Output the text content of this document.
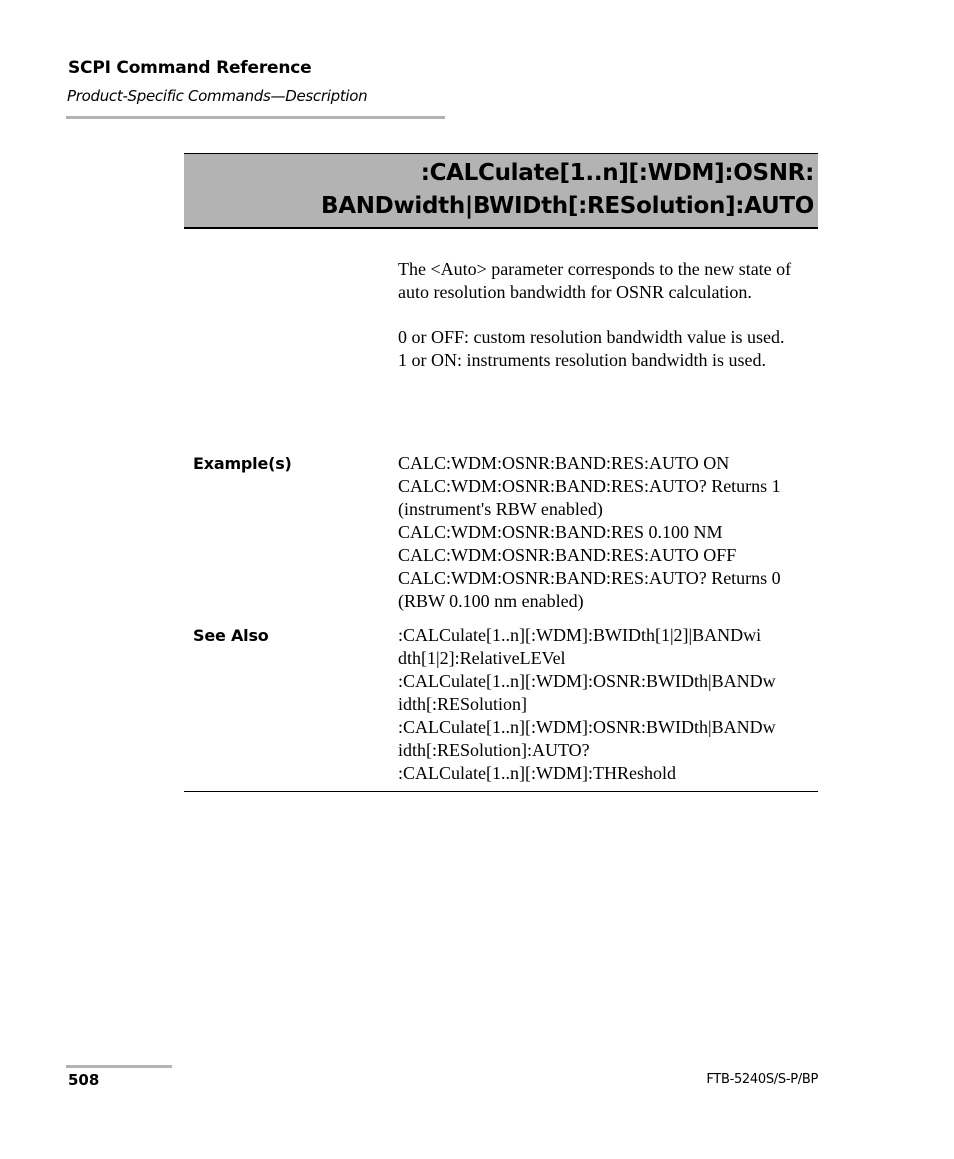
SCPI Command Reference
Product-Specific Commands—Description
:CALCulate[1..n][:WDM]:OSNR:
BANDwidth|BWIDth[:RESolution]:AUTO

The <Auto> parameter corresponds to the new state of auto resolution bandwidth for OSNR calculation.

0 or OFF: custom resolution bandwidth value is used.

1 or ON: instruments resolution bandwidth is used.

Example(s)	CALC:WDM:OSNR:BAND:RES:AUTO ON
CALC:WDM:OSNR:BAND:RES:AUTO? Returns 1
(instrument's RBW enabled)
CALC:WDM:OSNR:BAND:RES 0.100 NM
CALC:WDM:OSNR:BAND:RES:AUTO OFF
CALC:WDM:OSNR:BAND:RES:AUTO? Returns 0
(RBW 0.100 nm enabled)
See Also	:CALCulate[1..n][:WDM]:BWIDth[1|2]|BANDwi
dth[1|2]:RelativeLEVel
:CALCulate[1..n][:WDM]:OSNR:BWIDth|BANDw
idth[:RESolution]
:CALCulate[1..n][:WDM]:OSNR:BWIDth|BANDw
idth[:RESolution]:AUTO?
:CALCulate[1..n][:WDM]:THReshold
508	FTB-5240S/S-P/BP
